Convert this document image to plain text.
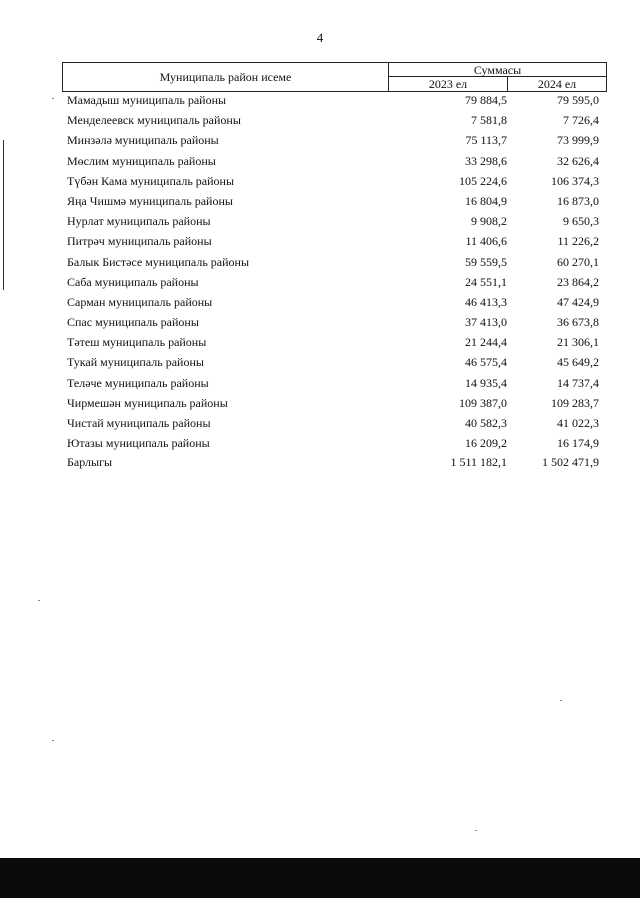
4
Муниципаль район исеме	Суммасы
2023 ел	2024 ел
Мамадыш муниципаль районы	79 884,5	79 595,0
Менделеевск муниципаль районы	7 581,8	7 726,4
Минзәлә муниципаль районы	75 113,7	73 999,9
Мөслим муниципаль районы	33 298,6	32 626,4
Түбән Кама муниципаль районы	105 224,6	106 374,3
Яңа Чишмә муниципаль районы	16 804,9	16 873,0
Нурлат муниципаль районы	9 908,2	9 650,3
Питрәч муниципаль районы	11 406,6	11 226,2
Балык Бистәсе муниципаль районы	59 559,5	60 270,1
Саба муниципаль районы	24 551,1	23 864,2
Сарман муниципаль районы	46 413,3	47 424,9
Спас муниципаль районы	37 413,0	36 673,8
Тәтеш муниципаль районы	21 244,4	21 306,1
Тукай муниципаль районы	46 575,4	45 649,2
Теләче муниципаль районы	14 935,4	14 737,4
Чирмешән муниципаль районы	109 387,0	109 283,7
Чистай муниципаль районы	40 582,3	41 022,3
Ютазы муниципаль районы	16 209,2	16 174,9
Барлыгы	1 511 182,1	1 502 471,9
